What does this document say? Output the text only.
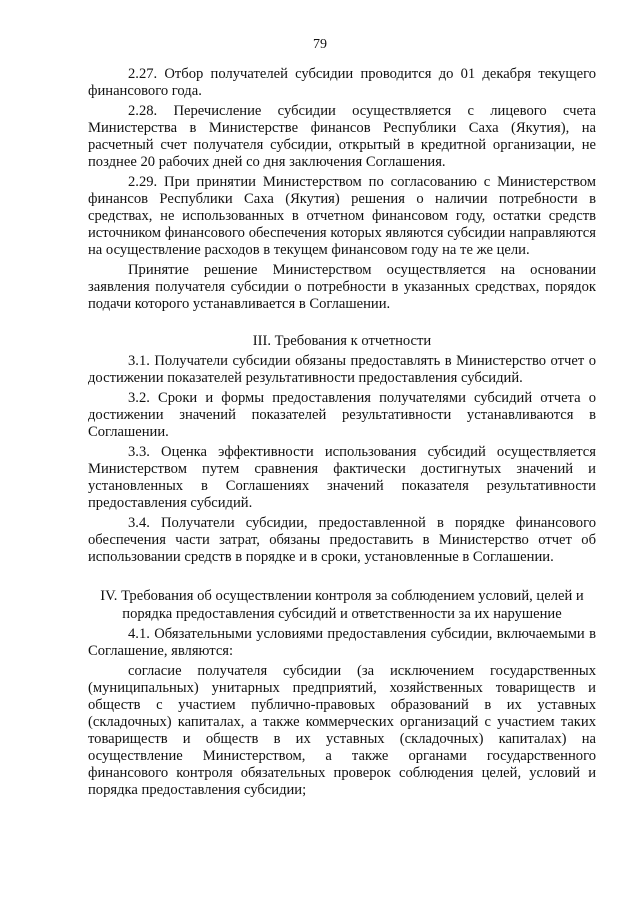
79

2.27. Отбор получателей субсидии проводится до 01 декабря текущего финансового года.

2.28. Перечисление субсидии осуществляется с лицевого счета Министерства в Министерстве финансов Республики Саха (Якутия), на расчетный счет получателя субсидии, открытый в кредитной организации, не позднее 20 рабочих дней со дня заключения Соглашения.

2.29. При принятии Министерством по согласованию с Министерством финансов Республики Саха (Якутия) решения о наличии потребности в средствах, не использованных в отчетном финансовом году, остатки средств источником финансового обеспечения которых являются субсидии направляются на осуществление расходов в текущем финансовом году на те же цели.

Принятие решение Министерством осуществляется на основании заявления получателя субсидии о потребности в указанных средствах, порядок подачи которого устанавливается в Соглашении.

III. Требования к отчетности

3.1. Получатели субсидии обязаны предоставлять в Министерство отчет о достижении показателей результативности предоставления субсидий.

3.2. Сроки и формы предоставления получателями субсидий отчета о достижении значений показателей результативности устанавливаются в Соглашении.

3.3. Оценка эффективности использования субсидий осуществляется Министерством путем сравнения фактически достигнутых значений и установленных в Соглашениях значений показателя результативности предоставления субсидий.

3.4. Получатели субсидии, предоставленной в порядке финансового обеспечения части затрат, обязаны предоставить в Министерство отчет об использовании средств в порядке и в сроки, установленные в Соглашении.

IV. Требования об осуществлении контроля за соблюдением условий, целей и порядка предоставления субсидий и ответственности за их нарушение

4.1. Обязательными условиями предоставления субсидии, включаемыми в Соглашение, являются:

согласие получателя субсидии (за исключением государственных (муниципальных) унитарных предприятий, хозяйственных товариществ и обществ с участием публично-правовых образований в их уставных (складочных) капиталах, а также коммерческих организаций с участием таких товариществ и обществ в их уставных (складочных) капиталах) на осуществление Министерством, а также органами государственного финансового контроля обязательных проверок соблюдения целей, условий и порядка предоставления субсидии;
